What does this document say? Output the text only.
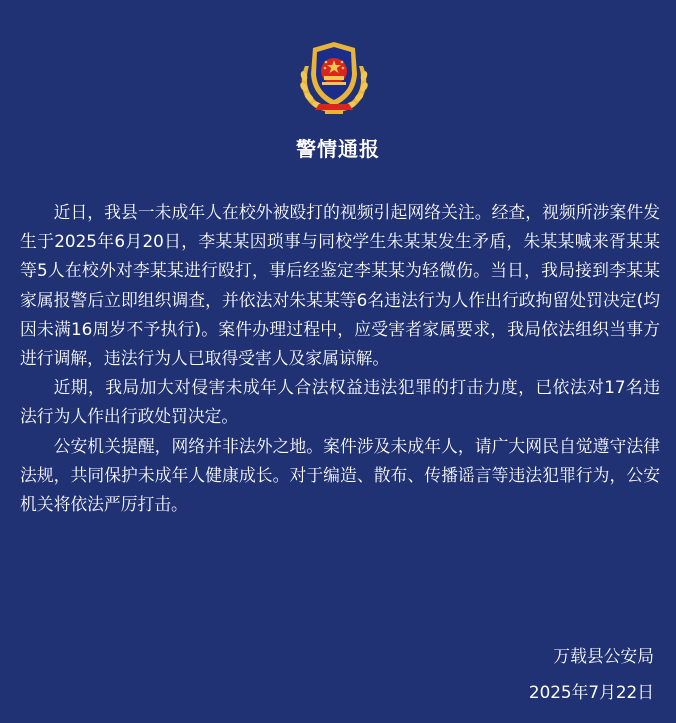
警情通报

近日，我县一未成年人在校外被殴打的视频引起网络关注。经查，视频所涉案件发生于2025年6月20日，李某某因琐事与同校学生朱某某发生矛盾，朱某某喊来胥某某等5人在校外对李某某进行殴打，事后经鉴定李某某为轻微伤。当日，我局接到李某某家属报警后立即组织调查，并依法对朱某某等6名违法行为人作出行政拘留处罚决定(均因未满16周岁不予执行)。案件办理过程中，应受害者家属要求，我局依法组织当事方进行调解，违法行为人已取得受害人及家属谅解。

近期，我局加大对侵害未成年人合法权益违法犯罪的打击力度，已依法对17名违法行为人作出行政处罚决定。

公安机关提醒，网络并非法外之地。案件涉及未成年人，请广大网民自觉遵守法律法规，共同保护未成年人健康成长。对于编造、散布、传播谣言等违法犯罪行为，公安机关将依法严厉打击。

万载县公安局
2025年7月22日
